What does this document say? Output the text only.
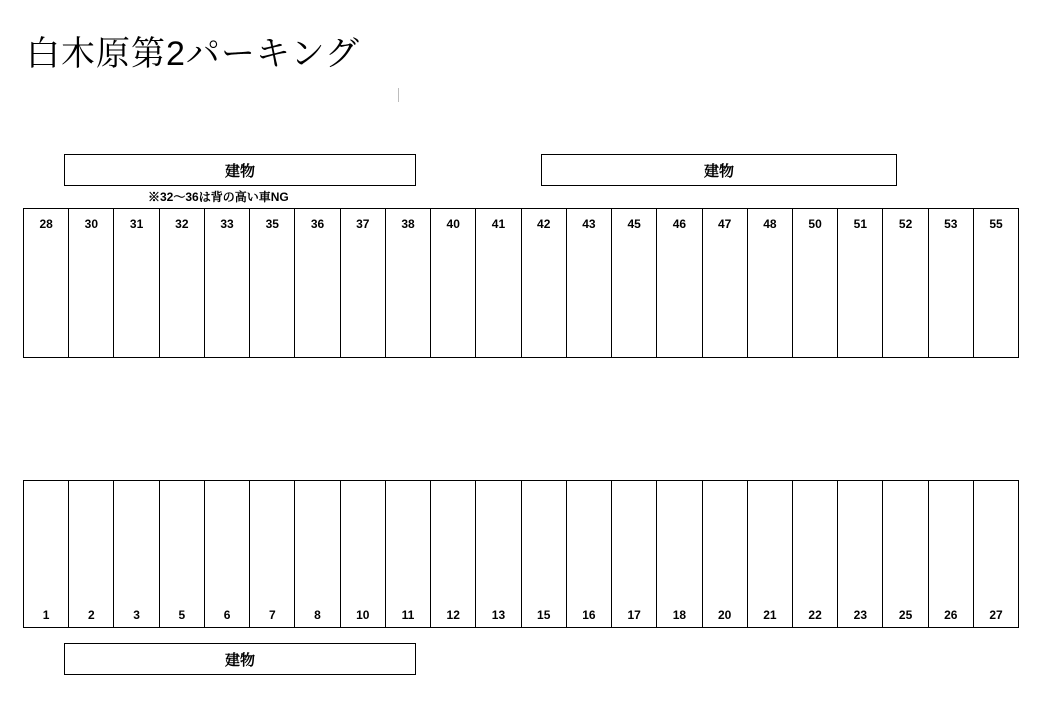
白木原第2パーキング
建物	建物
建物
※32～36は背の高い車NG
28	30	31	32	33	35	36	37	38	40	41	42	43	45	46	47	48	50	51	52	53	55
1	2	3	5	6	7	8	10	11	12	13	15	16	17	18	20	21	22	23	25	26	27
